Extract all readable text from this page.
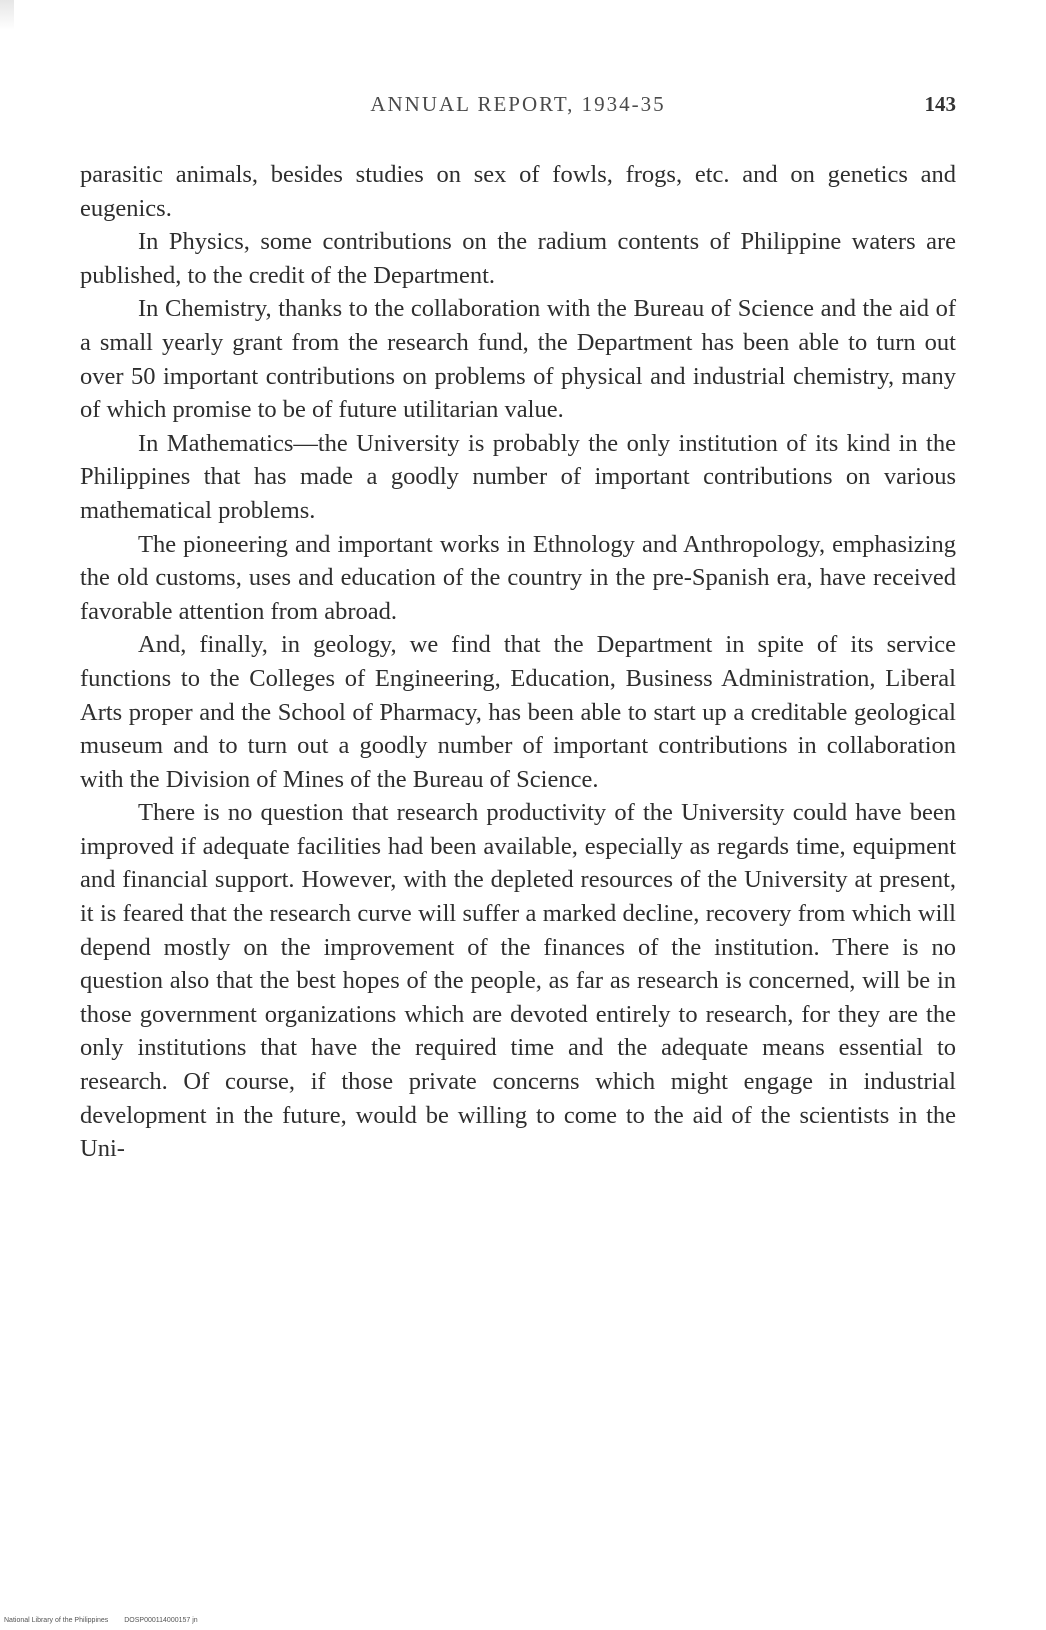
ANNUAL REPORT, 1934-35	143

parasitic animals, besides studies on sex of fowls, frogs, etc. and on genetics and eugenics.

In Physics, some contributions on the radium contents of Philippine waters are published, to the credit of the Department.

In Chemistry, thanks to the collaboration with the Bureau of Science and the aid of a small yearly grant from the research fund, the Department has been able to turn out over 50 important contributions on problems of physical and industrial chemistry, many of which promise to be of future utilitarian value.

In Mathematics—the University is probably the only institution of its kind in the Philippines that has made a goodly number of important contributions on various mathematical problems.

The pioneering and important works in Ethnology and Anthropology, emphasizing the old customs, uses and education of the country in the pre-Spanish era, have received favorable attention from abroad.

And, finally, in geology, we find that the Department in spite of its service functions to the Colleges of Engineering, Education, Business Administration, Liberal Arts proper and the School of Pharmacy, has been able to start up a creditable geological museum and to turn out a goodly number of important contributions in collaboration with the Division of Mines of the Bureau of Science.

There is no question that research productivity of the University could have been improved if adequate facilities had been available, especially as regards time, equipment and financial support. However, with the depleted resources of the University at present, it is feared that the research curve will suffer a marked decline, recovery from which will depend mostly on the improvement of the finances of the institution. There is no question also that the best hopes of the people, as far as research is concerned, will be in those government organizations which are devoted entirely to research, for they are the only institutions that have the required time and the adequate means essential to research. Of course, if those private concerns which might engage in industrial development in the future, would be willing to come to the aid of the scientists in the Uni-

National Library of the Philippines DOSP000114000157 jn
